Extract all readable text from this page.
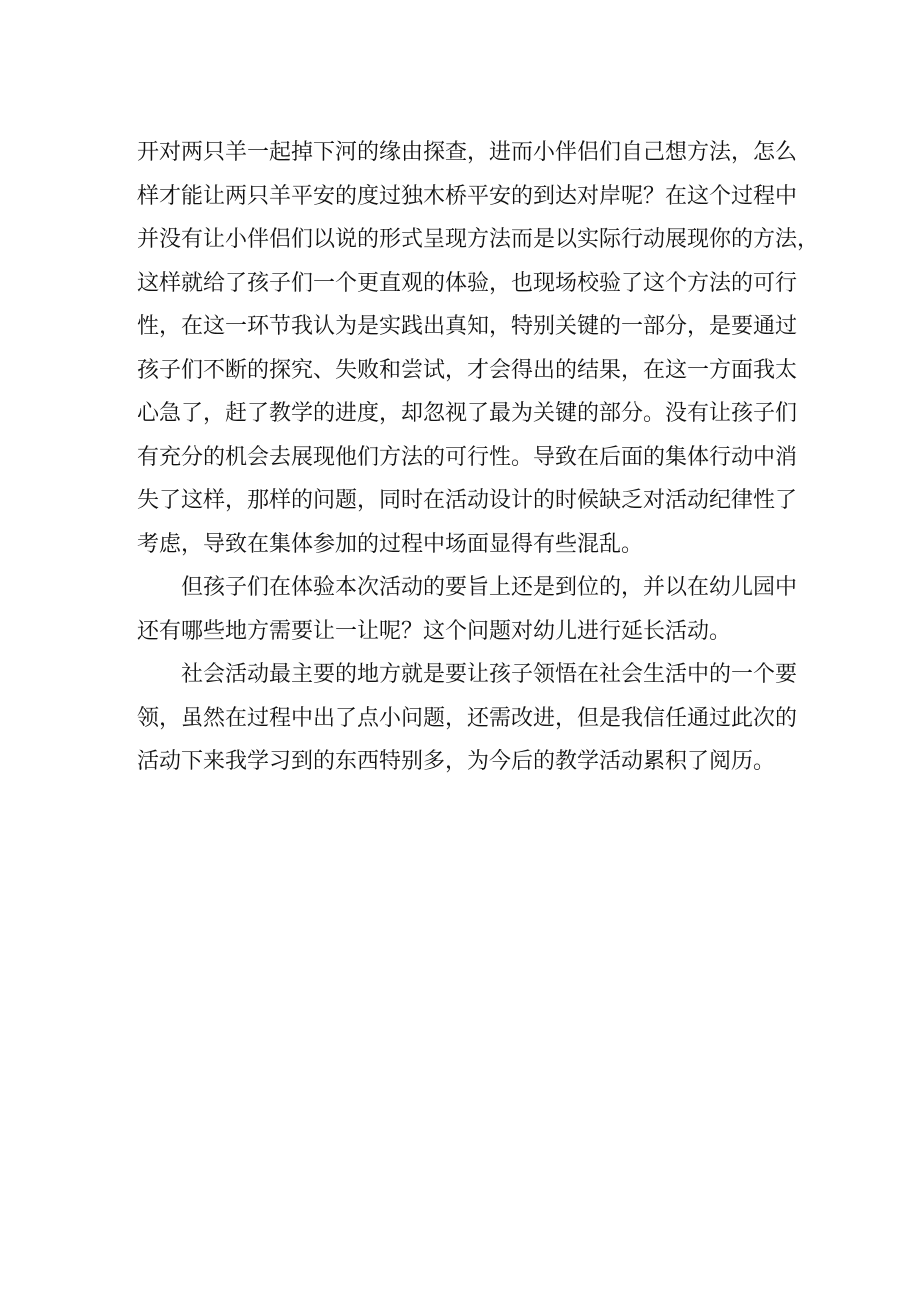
开对两只羊一起掉下河的缘由探查，进而小伴侣们自己想方法，怎么
样才能让两只羊平安的度过独木桥平安的到达对岸呢？在这个过程中
并没有让小伴侣们以说的形式呈现方法而是以实际行动展现你的方法，
这样就给了孩子们一个更直观的体验，也现场校验了这个方法的可行
性，在这一环节我认为是实践出真知，特别关键的一部分，是要通过
孩子们不断的探究、失败和尝试，才会得出的结果，在这一方面我太
心急了，赶了教学的进度，却忽视了最为关键的部分。没有让孩子们
有充分的机会去展现他们方法的可行性。导致在后面的集体行动中消
失了这样，那样的问题，同时在活动设计的时候缺乏对活动纪律性了
考虑，导致在集体参加的过程中场面显得有些混乱。
但孩子们在体验本次活动的要旨上还是到位的，并以在幼儿园中
还有哪些地方需要让一让呢？这个问题对幼儿进行延长活动。
社会活动最主要的地方就是要让孩子领悟在社会生活中的一个要
领，虽然在过程中出了点小问题，还需改进，但是我信任通过此次的
活动下来我学习到的东西特别多，为今后的教学活动累积了阅历。
